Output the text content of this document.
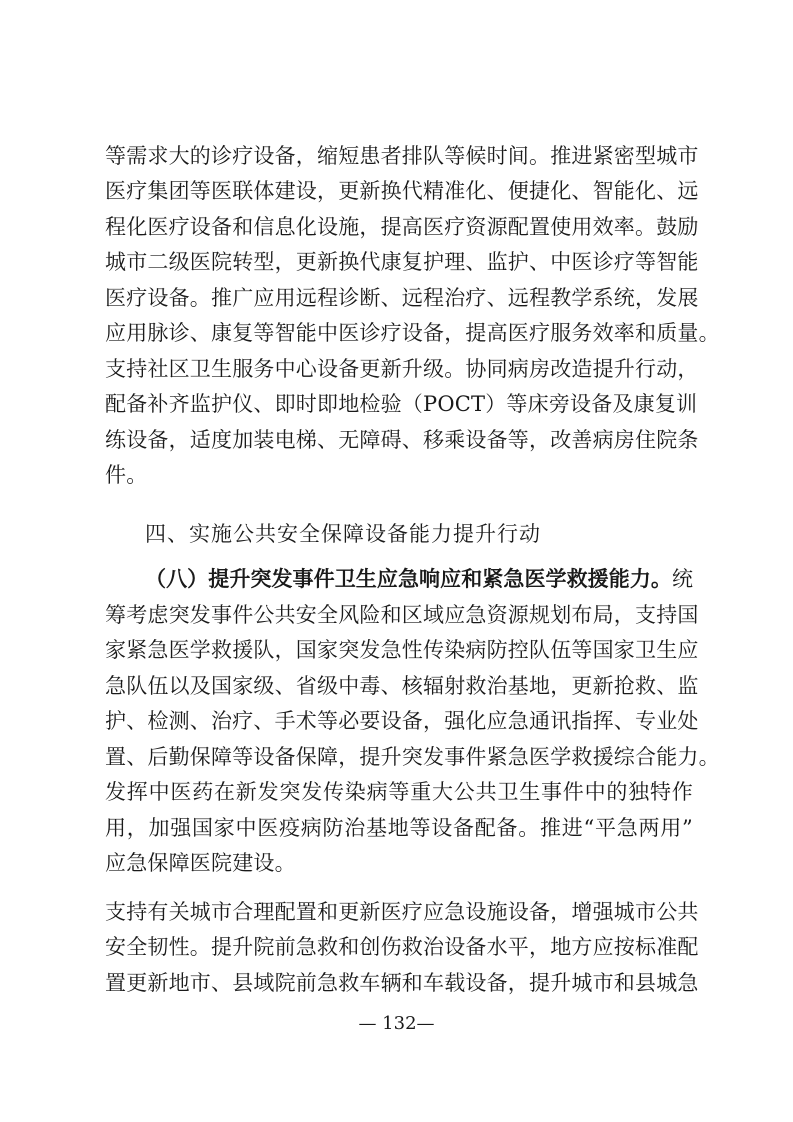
等需求大的诊疗设备，缩短患者排队等候时间。推进紧密型城市
医疗集团等医联体建设，更新换代精准化、便捷化、智能化、远
程化医疗设备和信息化设施，提高医疗资源配置使用效率。鼓励
城市二级医院转型，更新换代康复护理、监护、中医诊疗等智能
医疗设备。推广应用远程诊断、远程治疗、远程教学系统，发展
应用脉诊、康复等智能中医诊疗设备，提高医疗服务效率和质量。
支持社区卫生服务中心设备更新升级。协同病房改造提升行动，
配备补齐监护仪、即时即地检验（POCT）等床旁设备及康复训
练设备，适度加装电梯、无障碍、移乘设备等，改善病房住院条
件。
四、实施公共安全保障设备能力提升行动
（八）提升突发事件卫生应急响应和紧急医学救援能力。统
筹考虑突发事件公共安全风险和区域应急资源规划布局，支持国
家紧急医学救援队，国家突发急性传染病防控队伍等国家卫生应
急队伍以及国家级、省级中毒、核辐射救治基地，更新抢救、监
护、检测、治疗、手术等必要设备，强化应急通讯指挥、专业处
置、后勤保障等设备保障，提升突发事件紧急医学救援综合能力。
发挥中医药在新发突发传染病等重大公共卫生事件中的独特作
用，加强国家中医疫病防治基地等设备配备。推进“平急两用”
应急保障医院建设。
支持有关城市合理配置和更新医疗应急设施设备，增强城市公共
安全韧性。提升院前急救和创伤救治设备水平，地方应按标准配
置更新地市、县域院前急救车辆和车载设备，提升城市和县城急
— 132—
